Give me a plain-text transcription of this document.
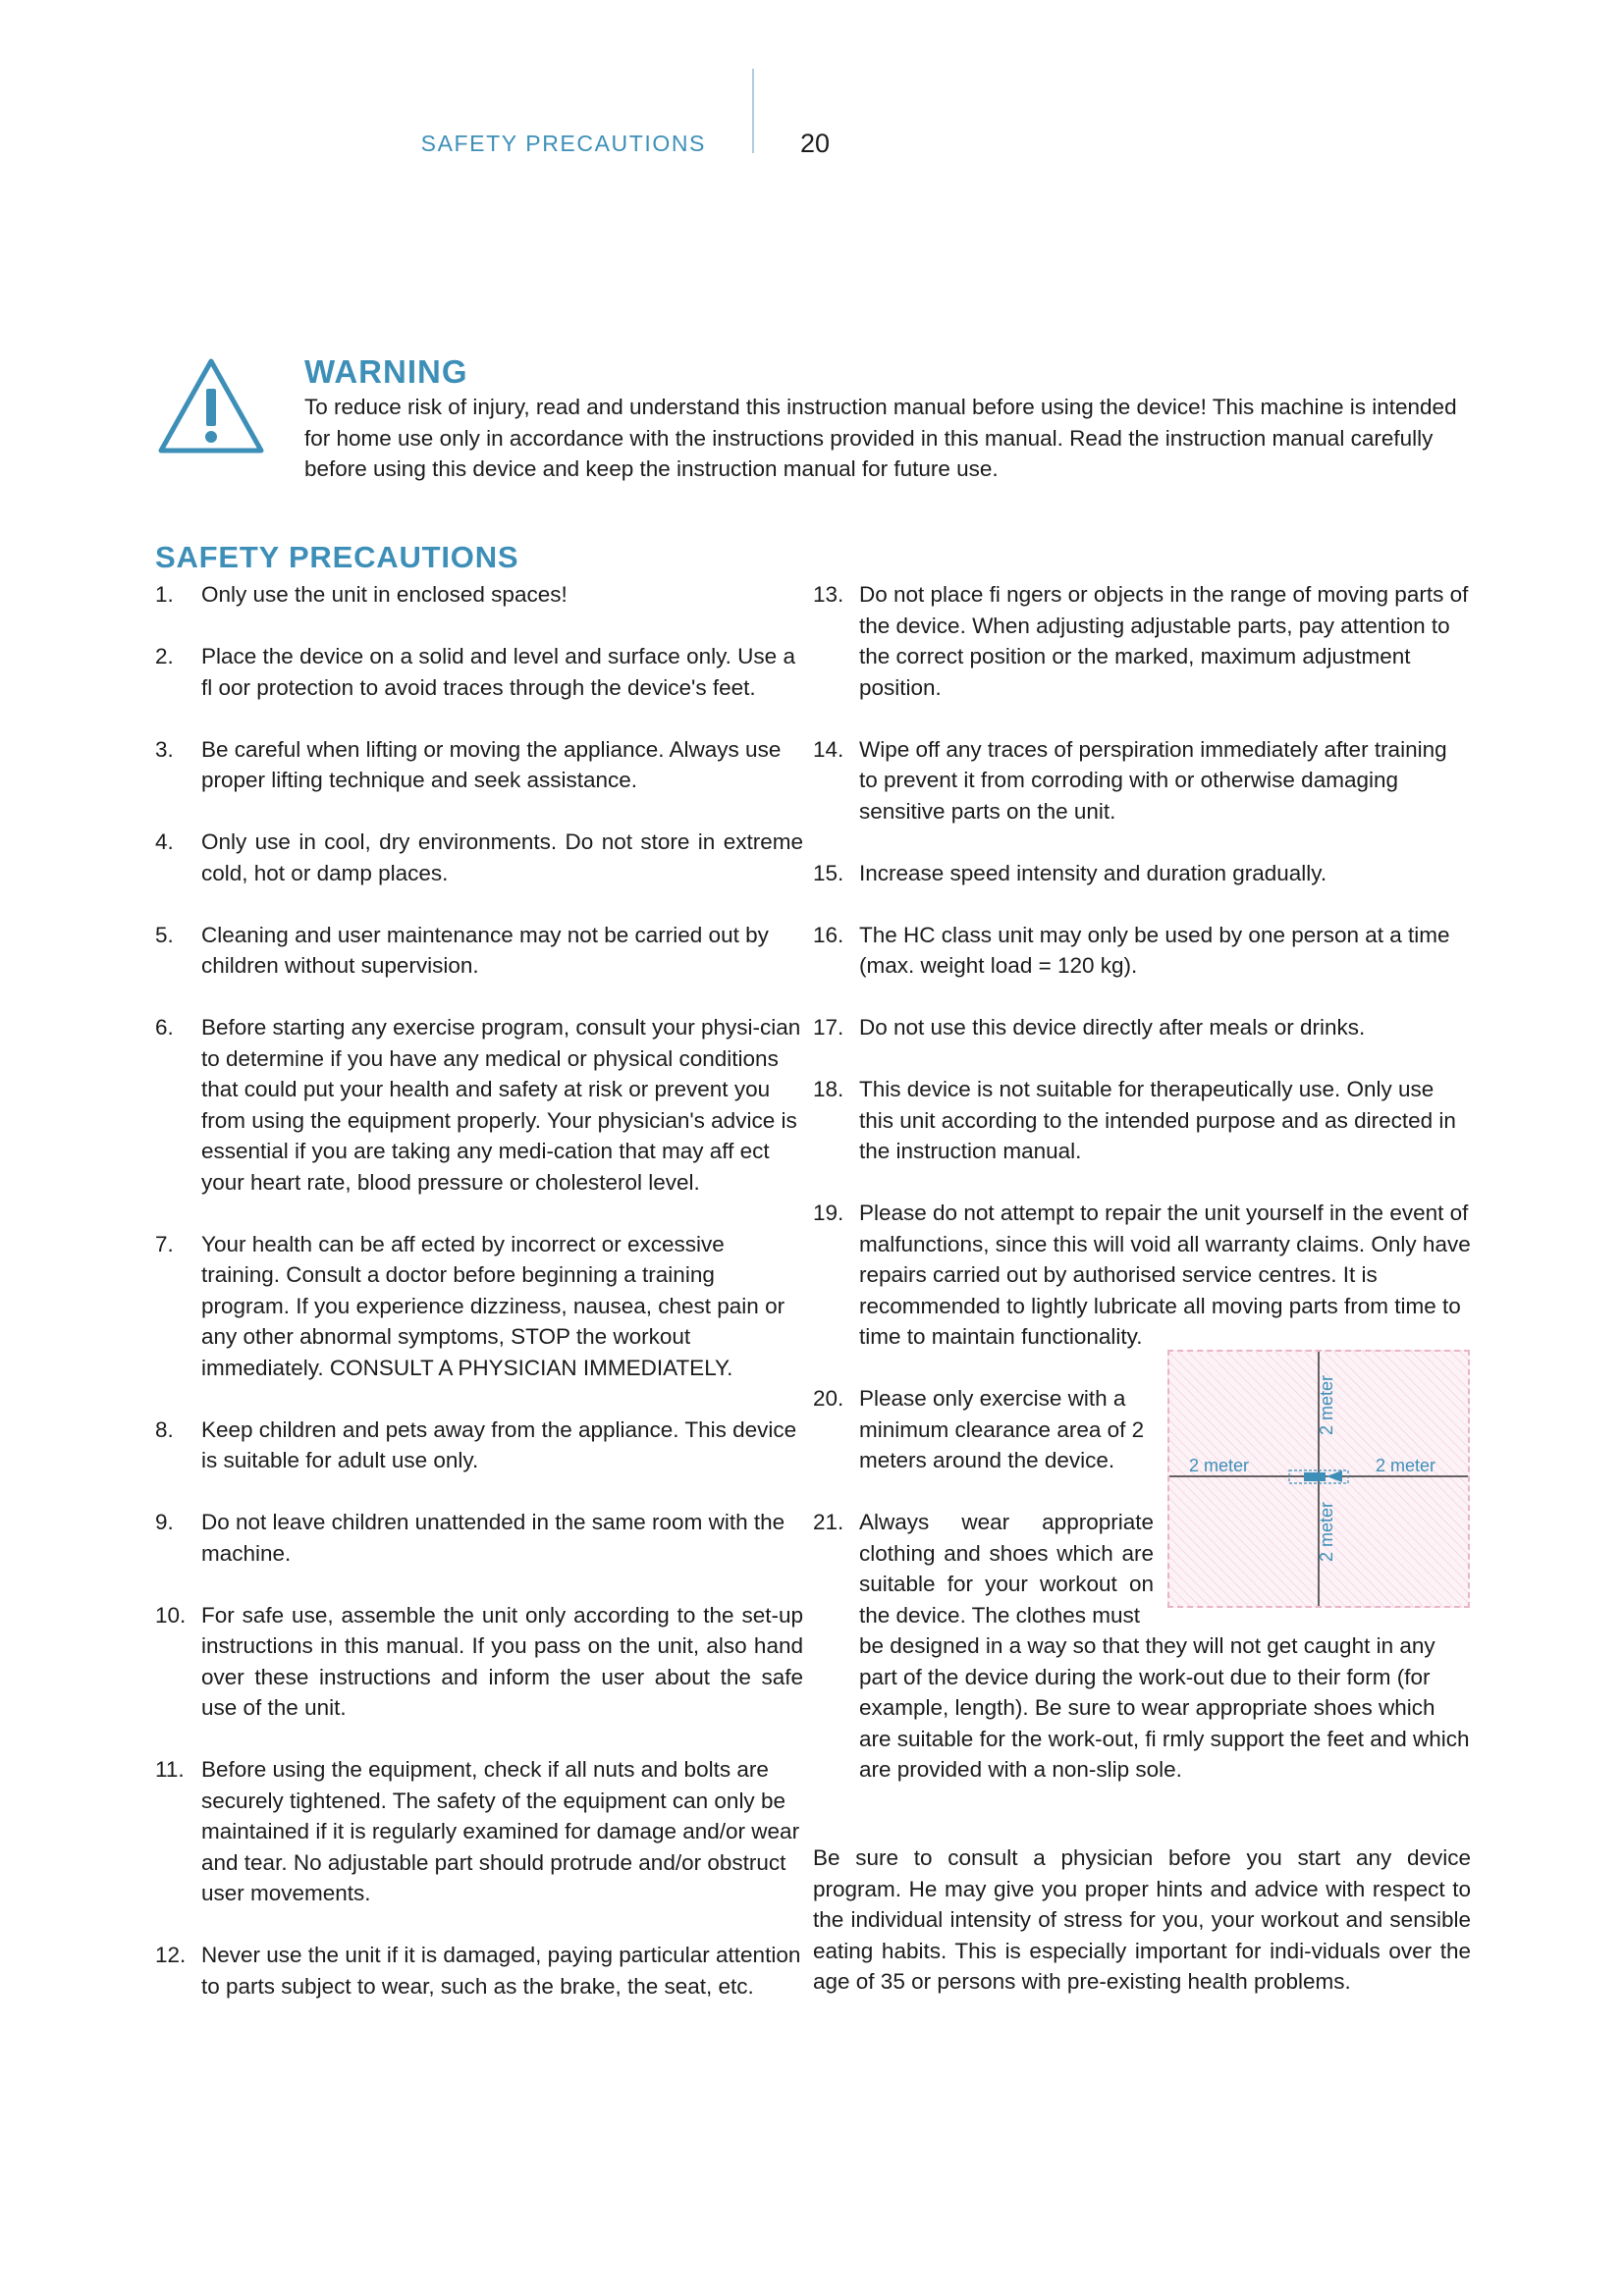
SAFETY PRECAUTIONS	20
WARNING
To reduce risk of injury, read and understand this instruction manual before using the device! This machine is intended for home use only in accordance with the instructions provided in this manual. Read the instruction manual carefully before using this device and keep the instruction manual for future use.
SAFETY PRECAUTIONS
1. Only use the unit in enclosed spaces!
2. Place the device on a solid and level and surface only. Use a fl oor protection to avoid traces through the device's feet.
3. Be careful when lifting or moving the appliance. Always use proper lifting technique and seek assistance.
4. Only use in cool, dry environments. Do not store in extreme cold, hot or damp places.
5. Cleaning and user maintenance may not be carried out by children without supervision.
6. Before starting any exercise program, consult your physi-cian to determine if you have any medical or physical conditions that could put your health and safety at risk or prevent you from using the equipment properly. Your physician's advice is essential if you are taking any medi-cation that may aff ect your heart rate, blood pressure or cholesterol level.
7. Your health can be aff ected by incorrect or excessive training. Consult a doctor before beginning a training program. If you experience dizziness, nausea, chest pain or any other abnormal symptoms, STOP the workout immediately. CONSULT A PHYSICIAN IMMEDIATELY.
8. Keep children and pets away from the appliance. This device is suitable for adult use only.
9. Do not leave children unattended in the same room with the machine.
10. For safe use, assemble the unit only according to the set-up instructions in this manual. If you pass on the unit, also hand over these instructions and inform the user about the safe use of the unit.
11. Before using the equipment, check if all nuts and bolts are securely tightened. The safety of the equipment can only be maintained if it is regularly examined for damage and/or wear and tear. No adjustable part should protrude and/or obstruct user movements.
12. Never use the unit if it is damaged, paying particular attention to parts subject to wear, such as the brake, the seat, etc.
13. Do not place fi ngers or objects in the range of moving parts of the device. When adjusting adjustable parts, pay attention to the correct position or the marked, maximum adjustment position.
14. Wipe off any traces of perspiration immediately after training to prevent it from corroding with or otherwise damaging sensitive parts on the unit.
15. Increase speed intensity and duration gradually.
16. The HC class unit may only be used by one person at a time (max. weight load = 120 kg).
17. Do not use this device directly after meals or drinks.
18. This device is not suitable for therapeutically use. Only use this unit according to the intended purpose and as directed in the instruction manual.
19. Please do not attempt to repair the unit yourself in the event of malfunctions, since this will void all warranty claims. Only have repairs carried out by authorised service centres. It is recommended to lightly lubricate all moving parts from time to time to maintain functionality.
20. Please only exercise with a minimum clearance area of 2 meters around the device.
21. Always wear appropriate clothing and shoes which are suitable for your workout on the device. The clothes must
be designed in a way so that they will not get caught in any part of the device during the work-out due to their form (for example, length). Be sure to wear appropriate shoes which are suitable for the work-out, fi rmly support the feet and which are provided with a non-slip sole.
2 meter	2 meter
2 meter
2 meter
Be sure to consult a physician before you start any device program. He may give you proper hints and advice with respect to the individual intensity of stress for you, your workout and sensible eating habits. This is especially important for indi-viduals over the age of 35 or persons with pre-existing health problems.
